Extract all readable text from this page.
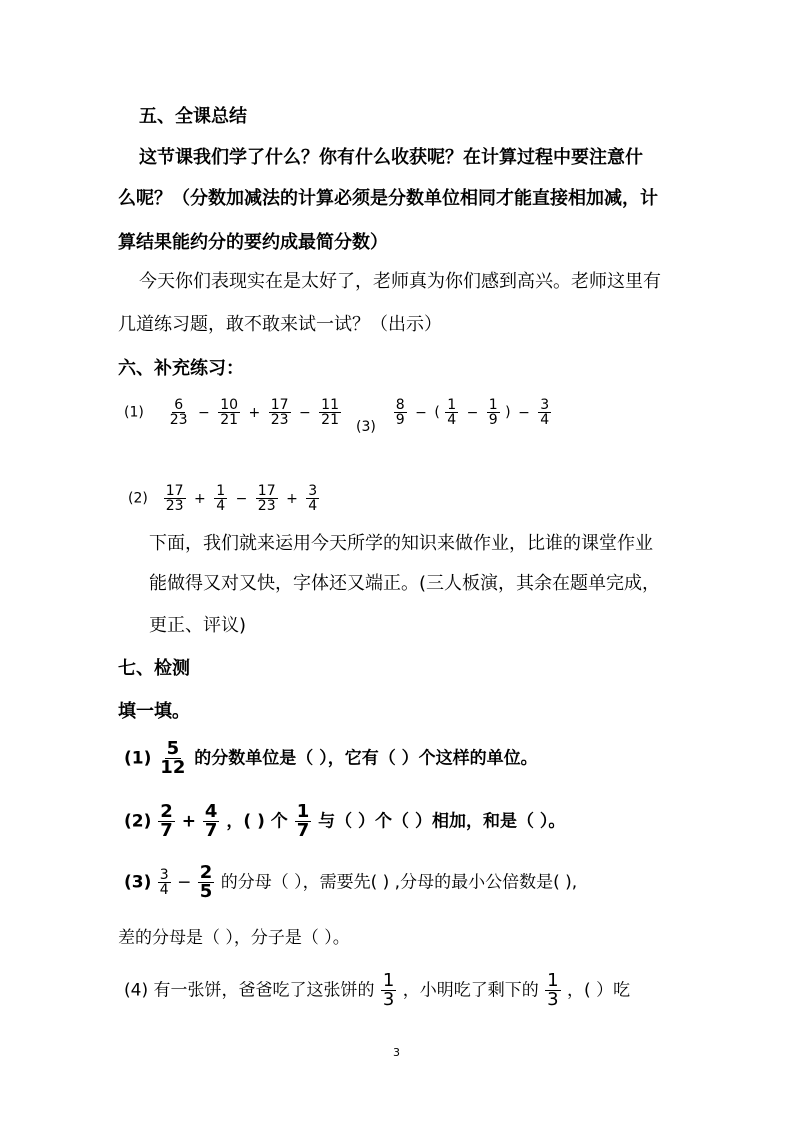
五、全课总结
这节课我们学了什么？你有什么收获呢？在计算过程中要注意什
么呢？（分数加减法的计算必须是分数单位相同才能直接相加减，计
算结果能约分的要约成最简分数）
今天你们表现实在是太好了，老师真为你们感到高兴。老师这里有
几道练习题，敢不敢来试一试？（出示）
六、补充练习：
$(1) \frac{6}{23} - \frac{10}{21} + \frac{17}{23} - \frac{11}{21} (3) \frac{8}{9}$ − ( $\frac{1}{4} - \frac{1}{9}$ ) − $\frac{3}{4}$
$(2) \frac{17}{23} + \frac{1}{4} - \frac{17}{23} + \frac{3}{4}$
下面，我们就来运用今天所学的知识来做作业，比谁的课堂作业
能做得又对又快，字体还又端正。(三人板演，其余在题单完成，
更正、评议)
七、检测
填一填。
$(1) \frac{5}{12}$ 的分数单位是（ ），它有（ ）个这样的单位。
$(2) \frac{2}{7} + \frac{4}{7}$ ，( ) 个 $\frac{1}{7}$ 与（ ）个（ ）相加，和是（ ）。
$(3) \frac{3}{4} - \frac{2}{5}$ 的分母（ ），需要先( ) ,分母的最小公倍数是( ),
差的分母是（ ），分子是（ ）。
(4) 有一张饼，爸爸吃了这张饼的 $\frac{1}{3}$ ，小明吃了剩下的 $\frac{1}{3}$ ，( ）吃
3
